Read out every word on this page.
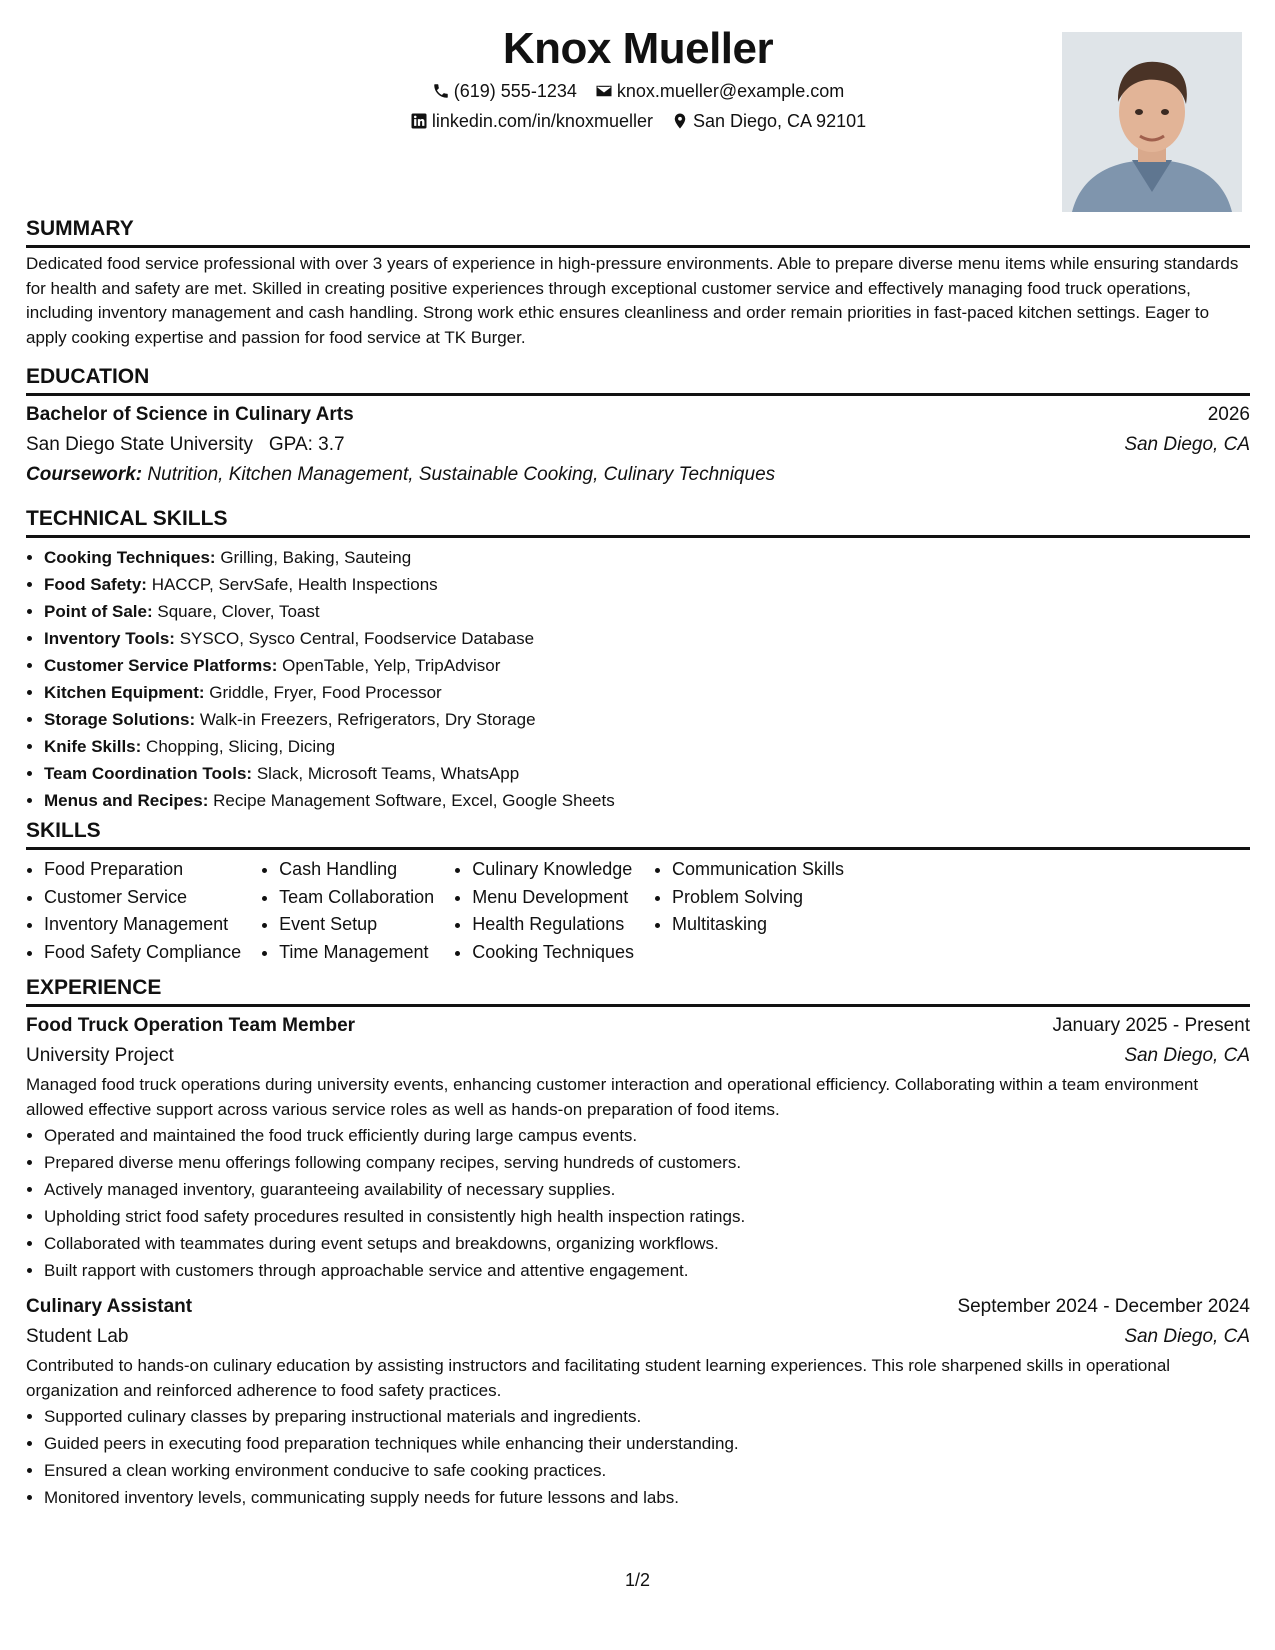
Knox Mueller
(619) 555-1234 knox.mueller@example.com
linkedin.com/in/knoxmueller San Diego, CA 92101
SUMMARY

Dedicated food service professional with over 3 years of experience in high-pressure environments. Able to prepare diverse menu items while ensuring standards for health and safety are met. Skilled in creating positive experiences through exceptional customer service and effectively managing food truck operations, including inventory management and cash handling. Strong work ethic ensures cleanliness and order remain priorities in fast-paced kitchen settings. Eager to apply cooking expertise and passion for food service at TK Burger.

EDUCATION
Bachelor of Science in Culinary Arts	2026
San Diego State University GPA: 3.7	San Diego, CA
Coursework: Nutrition, Kitchen Management, Sustainable Cooking, Culinary Techniques
TECHNICAL SKILLS
• Cooking Techniques: Grilling, Baking, Sauteing
• Food Safety: HACCP, ServSafe, Health Inspections
• Point of Sale: Square, Clover, Toast
• Inventory Tools: SYSCO, Sysco Central, Foodservice Database
• Customer Service Platforms: OpenTable, Yelp, TripAdvisor
• Kitchen Equipment: Griddle, Fryer, Food Processor
• Storage Solutions: Walk-in Freezers, Refrigerators, Dry Storage
• Knife Skills: Chopping, Slicing, Dicing
• Team Coordination Tools: Slack, Microsoft Teams, WhatsApp
• Menus and Recipes: Recipe Management Software, Excel, Google Sheets
SKILLS
• Food Preparation
• Customer Service
• Inventory Management
• Food Safety Compliance
• Cash Handling
• Team Collaboration
• Event Setup
• Time Management
• Culinary Knowledge
• Menu Development
• Health Regulations
• Cooking Techniques
• Communication Skills
• Problem Solving
• Multitasking
EXPERIENCE
Food Truck Operation Team Member	January 2025 - Present
University Project	San Diego, CA

Managed food truck operations during university events, enhancing customer interaction and operational efficiency. Collaborating within a team environment allowed effective support across various service roles as well as hands-on preparation of food items.

• Operated and maintained the food truck efficiently during large campus events.
• Prepared diverse menu offerings following company recipes, serving hundreds of customers.
• Actively managed inventory, guaranteeing availability of necessary supplies.
• Upholding strict food safety procedures resulted in consistently high health inspection ratings.
• Collaborated with teammates during event setups and breakdowns, organizing workflows.
• Built rapport with customers through approachable service and attentive engagement.
Culinary Assistant	September 2024 - December 2024
Student Lab	San Diego, CA

Contributed to hands-on culinary education by assisting instructors and facilitating student learning experiences. This role sharpened skills in operational organization and reinforced adherence to food safety practices.

• Supported culinary classes by preparing instructional materials and ingredients.
• Guided peers in executing food preparation techniques while enhancing their understanding.
• Ensured a clean working environment conducive to safe cooking practices.
• Monitored inventory levels, communicating supply needs for future lessons and labs.
1/2
